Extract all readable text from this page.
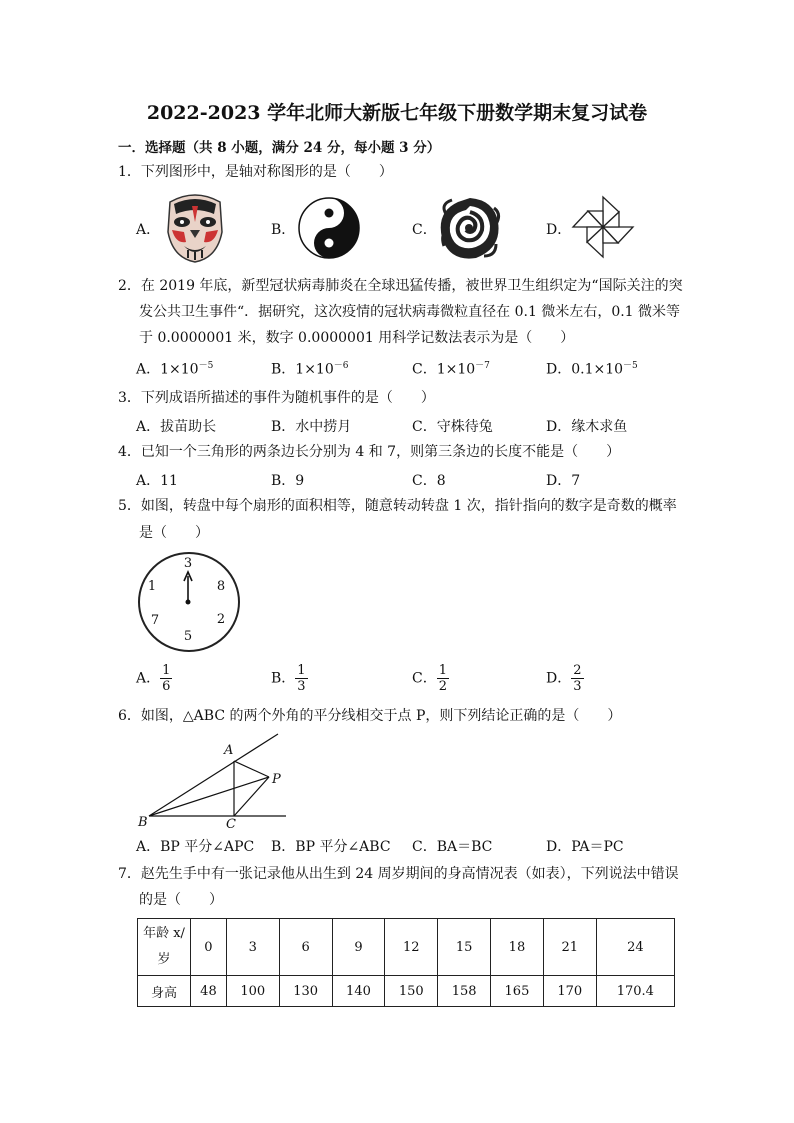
2022-2023 学年北师大新版七年级下册数学期末复习试卷
一．选择题（共 8 小题，满分 24 分，每小题 3 分）
1．下列图形中，是轴对称图形的是（　　）
A．	B．	C．	D．
2．在 2019 年底，新型冠状病毒肺炎在全球迅猛传播，被世界卫生组织定为“国际关注的突
发公共卫生事件“．据研究，这次疫情的冠状病毒微粒直径在 0.1 微米左右，0.1 微米等
于 0.0000001 米，数字 0.0000001 用科学记数法表示为是（　　）
A．$1\times 10^{-5}$	B．$1\times 10^{-6}$	C．$1\times 10^{-7}$	D．$0.1\times 10^{-5}$
3．下列成语所描述的事件为随机事件的是（　　）
A．拔苗助长	B．水中捞月	C．守株待兔	D．缘木求鱼
4．已知一个三角形的两条边长分别为 4 和 7，则第三条边的长度不能是（　　）
A．11	B．9	C．8	D．7
5．如图，转盘中每个扇形的面积相等，随意转动转盘 1 次，指针指向的数字是奇数的概率
是（　　）
3
8
2
5
7
1
A． $\frac{1}{6}$	B． $\frac{1}{3}$	C． $\frac{1}{2}$	D． $\frac{2}{3}$
6．如图，△ABC 的两个外角的平分线相交于点 P，则下列结论正确的是（　　）
A
P
B	C
A．BP 平分∠APC B．BP 平分∠ABC C．BA＝BC	D．PA＝PC
7．赵先生手中有一张记录他从出生到 24 周岁期间的身高情况表（如表），下列说法中错误
的是（　　）
年龄 x/
岁	0	3	6	9	12	15	18	21	24
身高	48	100	130	140	150	158	165	170	170.4
